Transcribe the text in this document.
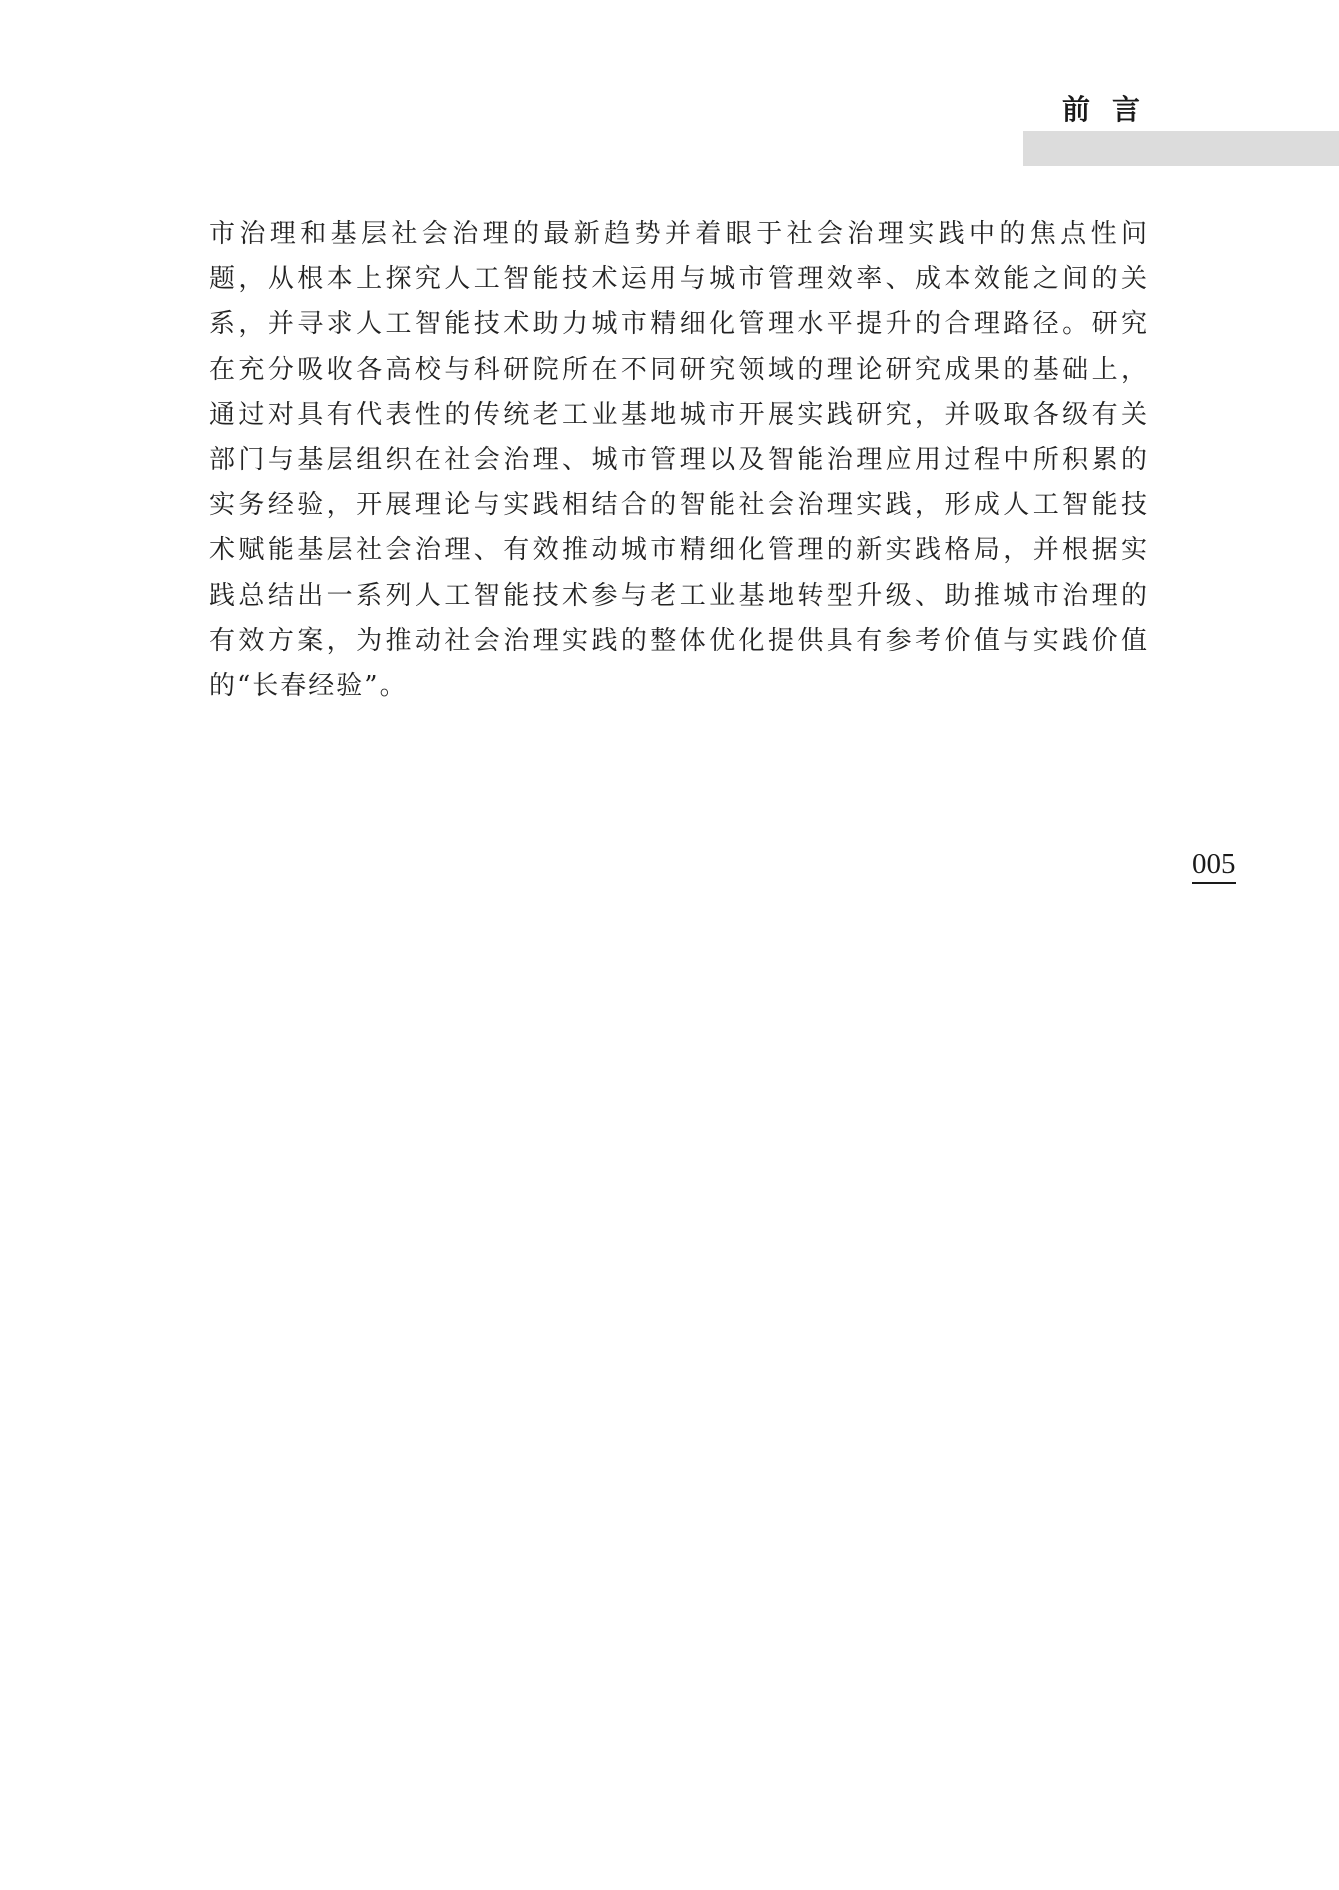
前言
市治理和基层社会治理的最新趋势并着眼于社会治理实践中的焦点性问
题，从根本上探究人工智能技术运用与城市管理效率、成本效能之间的关
系，并寻求人工智能技术助力城市精细化管理水平提升的合理路径。研究
在充分吸收各高校与科研院所在不同研究领域的理论研究成果的基础上，
通过对具有代表性的传统老工业基地城市开展实践研究，并吸取各级有关
部门与基层组织在社会治理、城市管理以及智能治理应用过程中所积累的
实务经验，开展理论与实践相结合的智能社会治理实践，形成人工智能技
术赋能基层社会治理、有效推动城市精细化管理的新实践格局，并根据实
践总结出一系列人工智能技术参与老工业基地转型升级、助推城市治理的
有效方案，为推动社会治理实践的整体优化提供具有参考价值与实践价值
的“长春经验”。
005
